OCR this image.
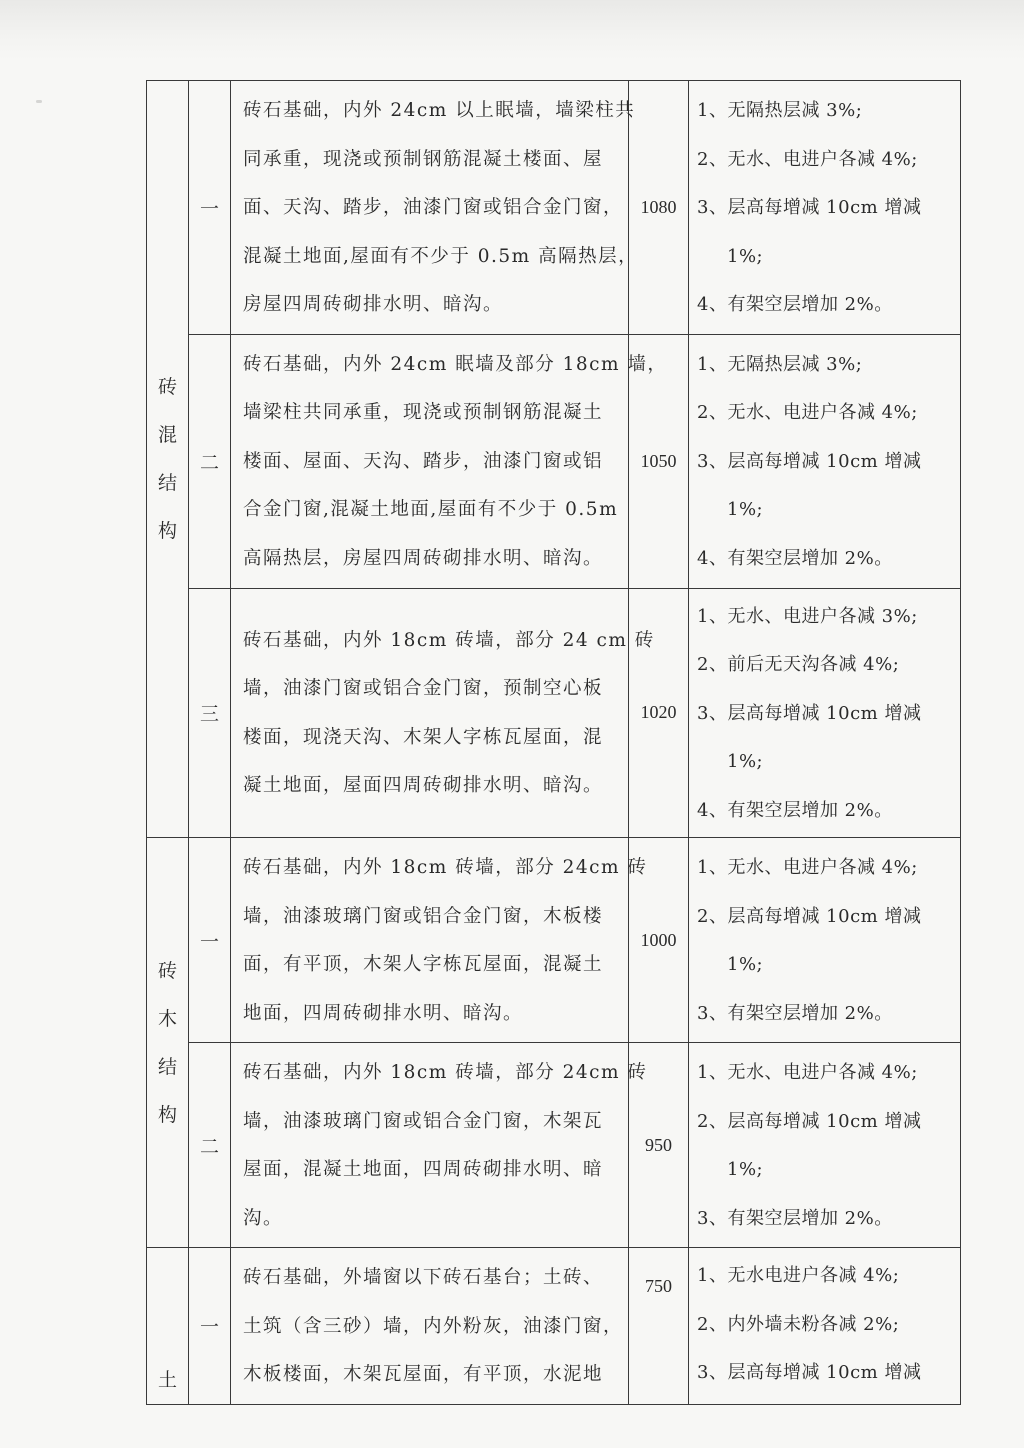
砖
混
结
构	一	砖石基础，内外 24cm 以上眠墙，墙梁柱共
同承重，现浇或预制钢筋混凝土楼面、屋
面、天沟、踏步，油漆门窗或铝合金门窗，
混凝土地面,屋面有不少于 0.5m 高隔热层，
房屋四周砖砌排水明、暗沟。	1080	1、无隔热层减 3%;
2、无水、电进户各减 4%;
3、层高每增减 10cm 增减
1%;
4、有架空层增加 2%。

	二	砖石基础，内外 24cm 眠墙及部分 18cm 墙，
墙梁柱共同承重，现浇或预制钢筋混凝土
楼面、屋面、天沟、踏步，油漆门窗或铝
合金门窗,混凝土地面,屋面有不少于 0.5m
高隔热层，房屋四周砖砌排水明、暗沟。	1050	1、无隔热层减 3%;
2、无水、电进户各减 4%;
3、层高每增减 10cm 增减
1%;
4、有架空层增加 2%。

	三	砖石基础，内外 18cm 砖墙，部分 24 cm 砖
墙，油漆门窗或铝合金门窗，预制空心板
楼面，现浇天沟、木架人字栋瓦屋面，混
凝土地面，屋面四周砖砌排水明、暗沟。	1020	1、无水、电进户各减 3%;
2、前后无天沟各减 4%;
3、层高每增减 10cm 增减
1%;
4、有架空层增加 2%。

砖
木
结
构	一	砖石基础，内外 18cm 砖墙，部分 24cm 砖
墙，油漆玻璃门窗或铝合金门窗，木板楼
面，有平顶，木架人字栋瓦屋面，混凝土
地面，四周砖砌排水明、暗沟。	1000	1、无水、电进户各减 4%;
2、层高每增减 10cm 增减
1%;
3、有架空层增加 2%。

	二	砖石基础，内外 18cm 砖墙，部分 24cm 砖
墙，油漆玻璃门窗或铝合金门窗，木架瓦
屋面，混凝土地面，四周砖砌排水明、暗
沟。	950	1、无水、电进户各减 4%;
2、层高每增减 10cm 增减
1%;
3、有架空层增加 2%。

土	一	砖石基础，外墙窗以下砖石基台；土砖、
土筑（含三砂）墙，内外粉灰，油漆门窗，
木板楼面，木架瓦屋面，有平顶，水泥地	750	1、无水电进户各减 4%;
2、内外墙未粉各减 2%;
3、层高每增减 10cm 增减
